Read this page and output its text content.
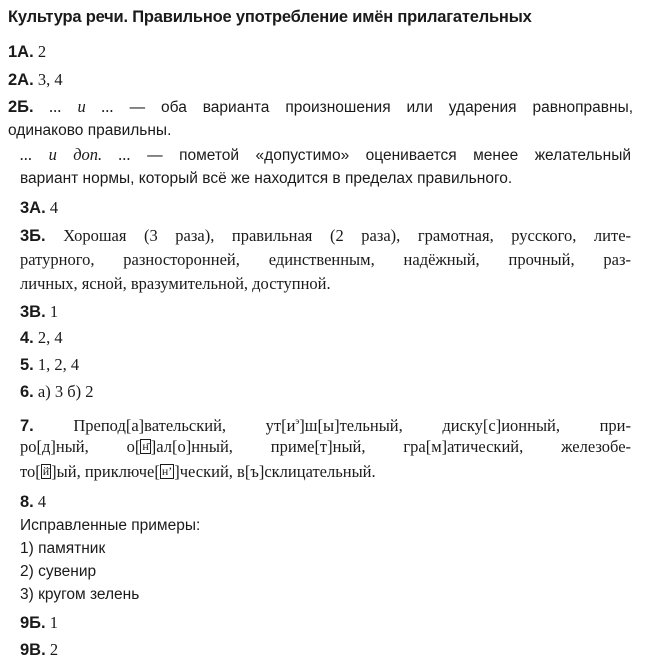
Культура речи. Правильное употребление имён прилагательных
1А. 2
2А. 3, 4
2Б. ... и ... — оба варианта произношения или ударения равноправны,
одинаково правильны.
... и доп. ... — пометой «допустимо» оценивается менее желательный
вариант нормы, который всё же находится в пределах правильного.
3А. 4
3Б. Хорошая (3 раза), правильная (2 раза), грамотная, русского, лите-
ратурного, разносторонней, единственным, надёжный, прочный, раз-
личных, ясной, вразумительной, доступной.
3В. 1
4. 2, 4
5. 1, 2, 4
6. а) 3 б) 2
7. Препод[а]вательский, $ут[и^э]ш[ы]тельный$, диску[с]ионный, при-
ро[д]ный, о[ н̄ ]ал[о]нный, приме[т]ный, гра[м]атический, железобе-
то[ й̄ ]ый, приключе[ н’ ]ческий, в[ъ]склицательный.
8. 4
Исправленные примеры:
1) памятник
2) сувенир
3) кругом зелень
9Б. 1
9В. 2
